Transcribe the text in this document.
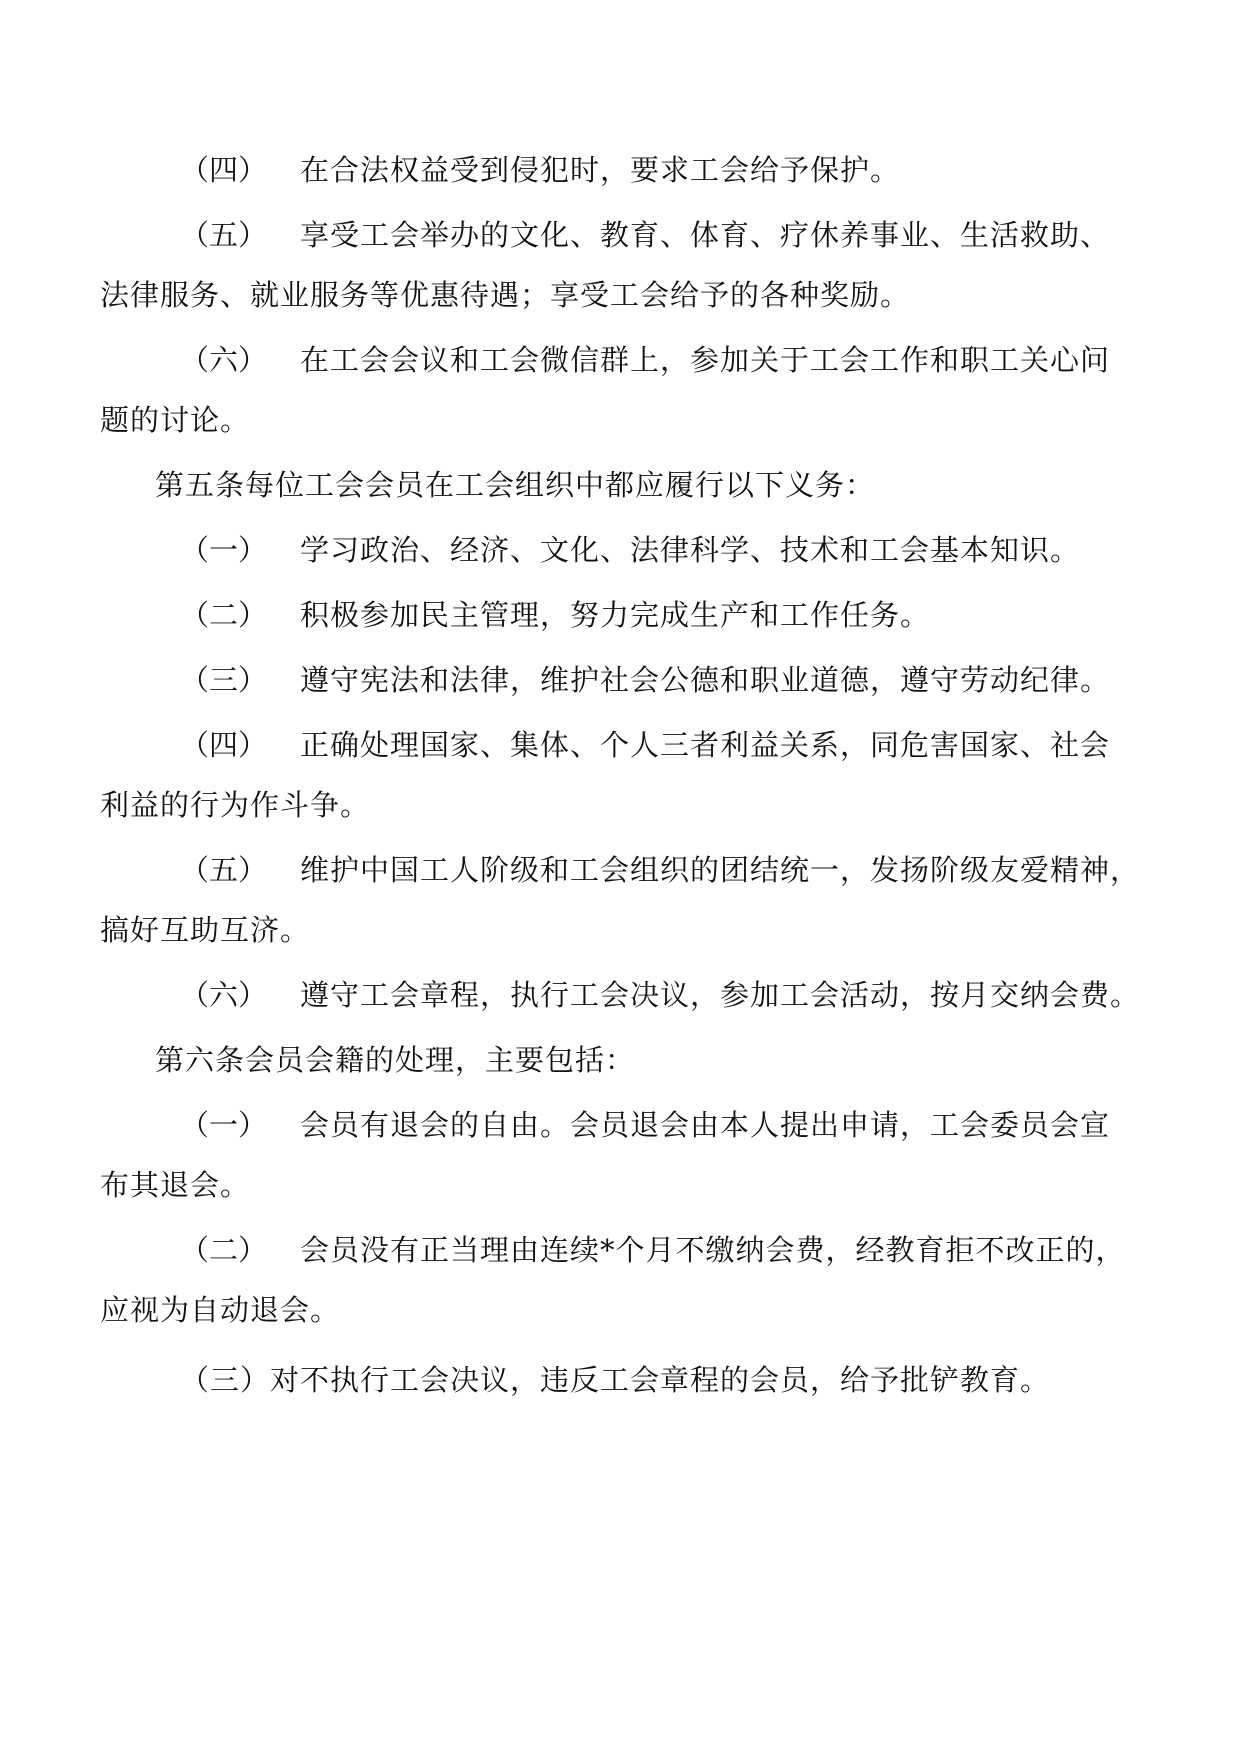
（四） 在合法权益受到侵犯时，要求工会给予保护。
（五） 享受工会举办的文化、教育、体育、疗休养事业、生活救助、
法律服务、就业服务等优惠待遇；享受工会给予的各种奖励。
（六） 在工会会议和工会微信群上，参加关于工会工作和职工关心问
题的讨论。
第五条每位工会会员在工会组织中都应履行以下义务：
（一） 学习政治、经济、文化、法律科学、技术和工会基本知识。
（二） 积极参加民主管理，努力完成生产和工作任务。
（三） 遵守宪法和法律，维护社会公德和职业道德，遵守劳动纪律。
（四） 正确处理国家、集体、个人三者利益关系，同危害国家、社会
利益的行为作斗争。
（五） 维护中国工人阶级和工会组织的团结统一，发扬阶级友爱精神，
搞好互助互济。
（六） 遵守工会章程，执行工会决议，参加工会活动，按月交纳会费。
第六条会员会籍的处理，主要包括：
（一） 会员有退会的自由。会员退会由本人提出申请，工会委员会宣
布其退会。
（二） 会员没有正当理由连续*个月不缴纳会费，经教育拒不改正的，
应视为自动退会。
（三）对不执行工会决议，违反工会章程的会员，给予批铲教育。
